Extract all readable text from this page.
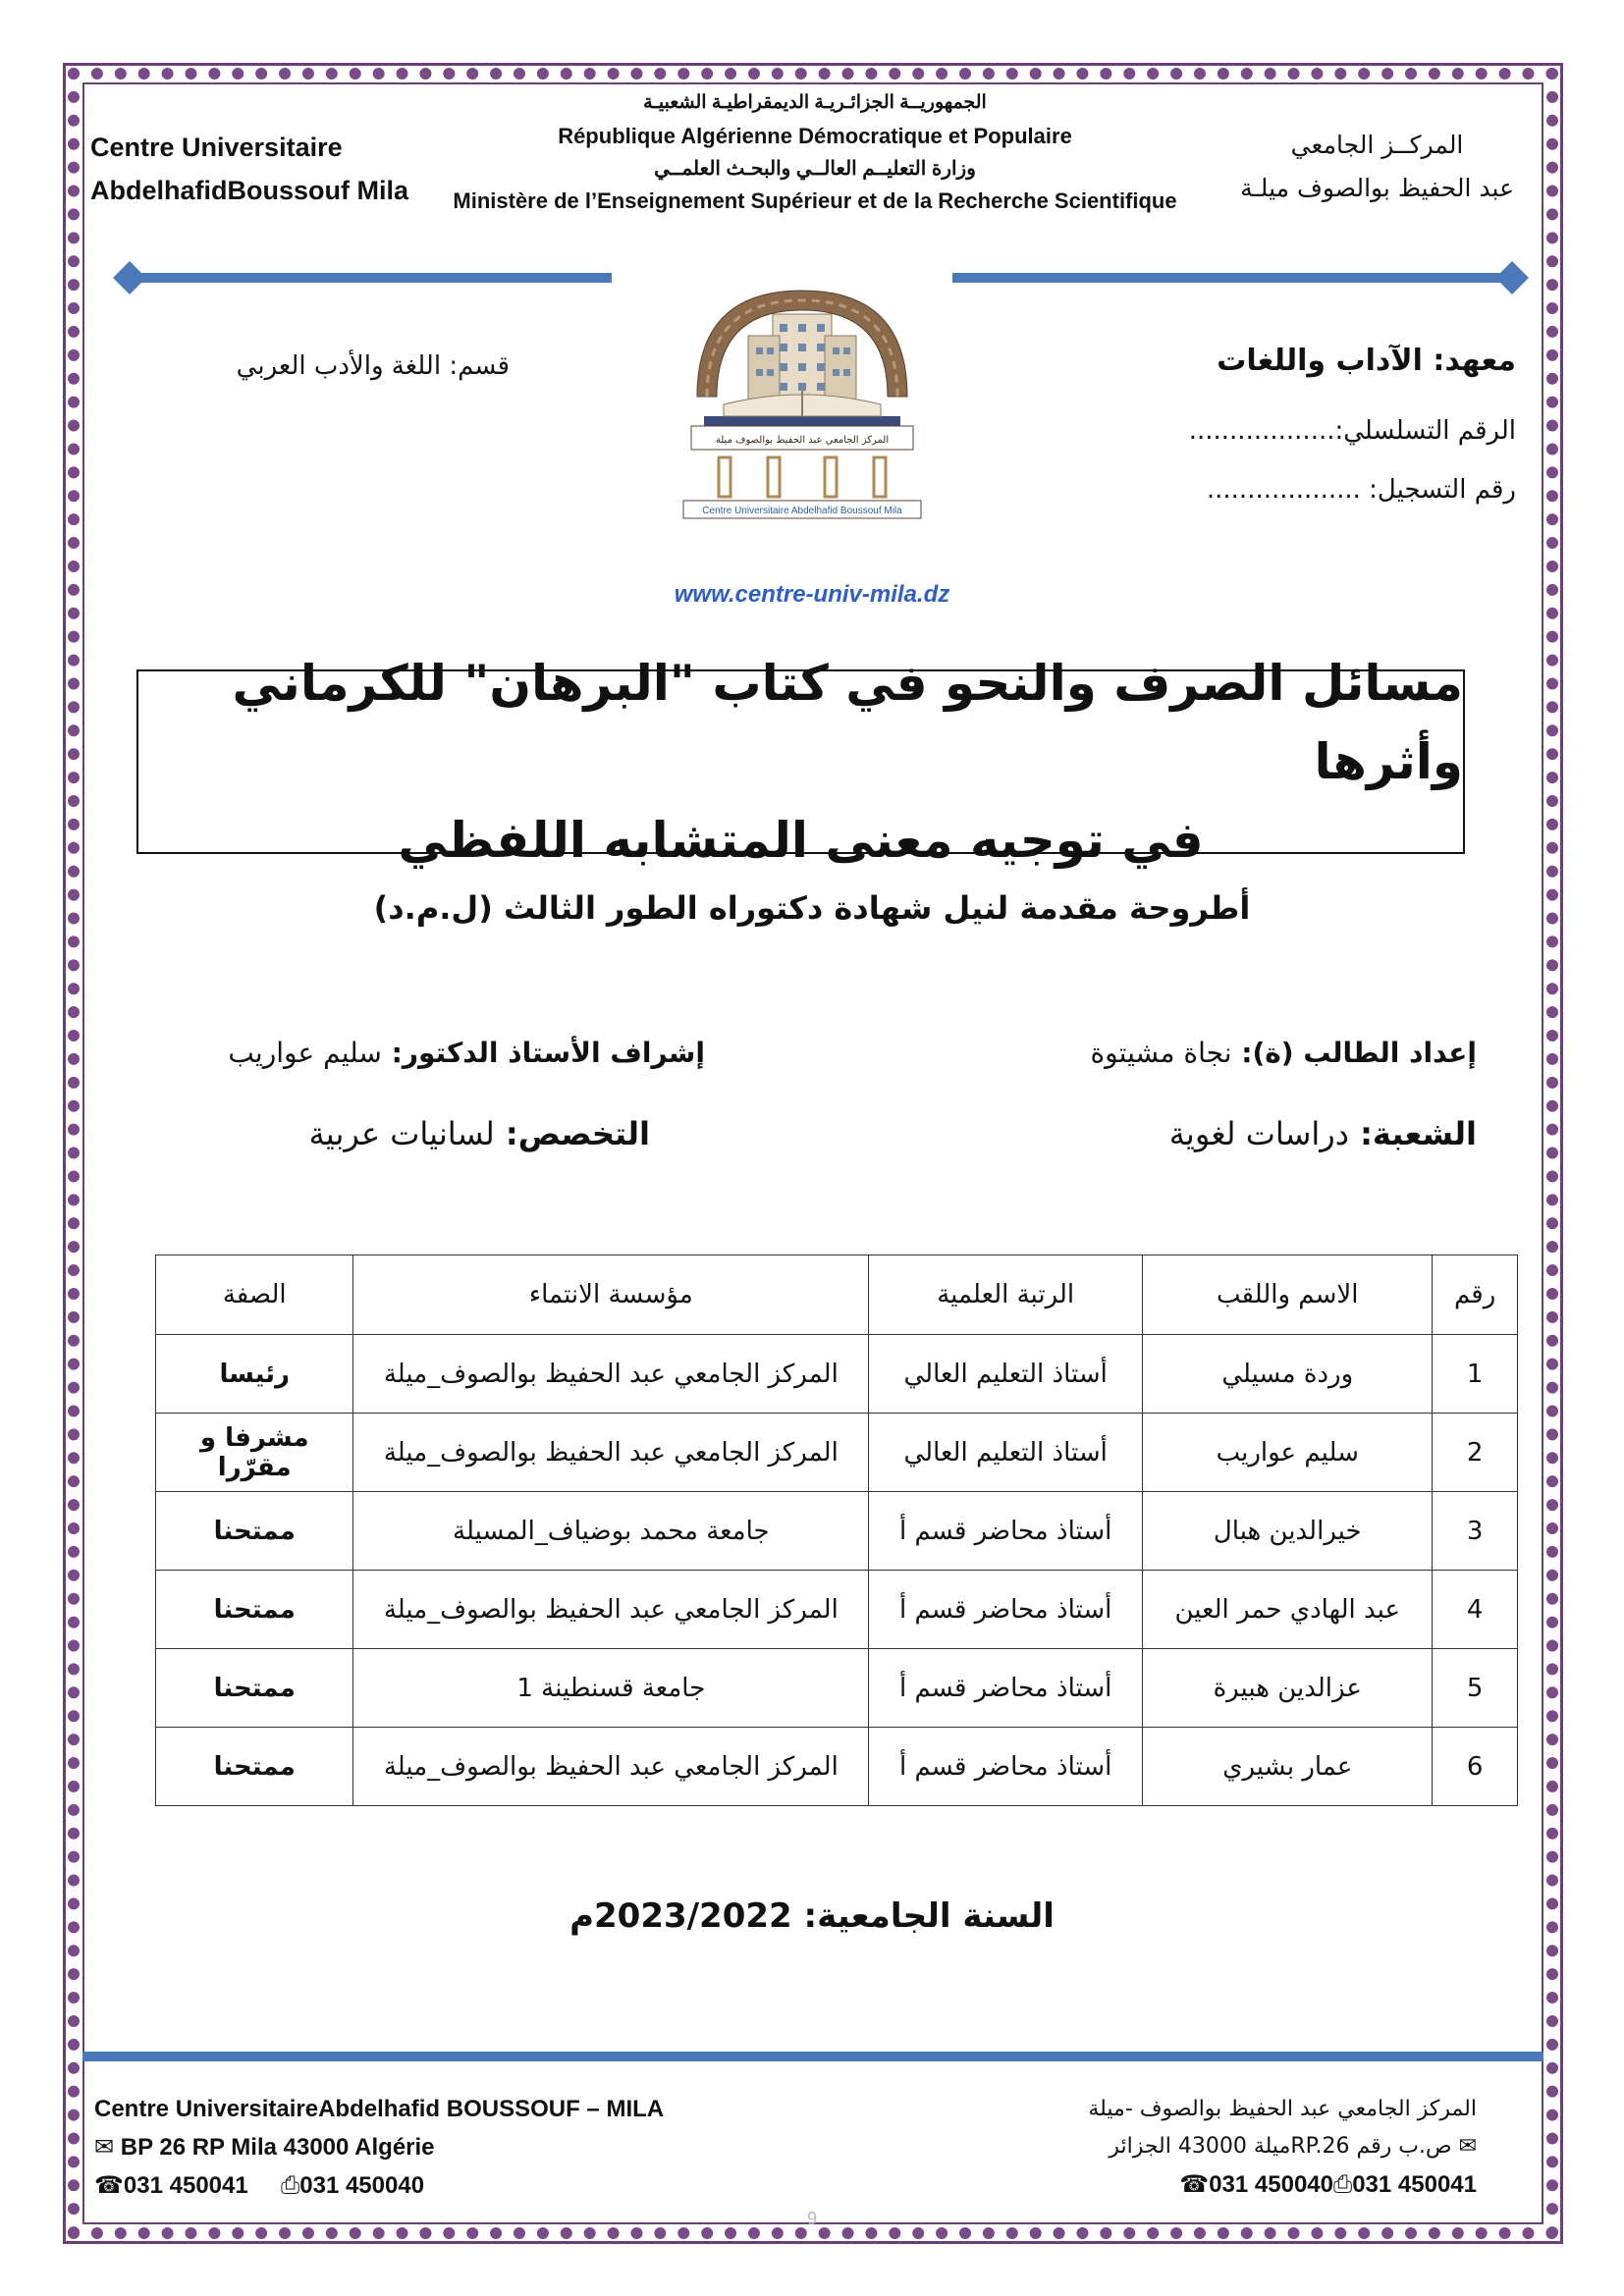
Centre Universitaire
AbdelhafidBoussouf Mila
الجمهوريــة الجزائـريـة الديمقراطيـة الشعبيـة
République Algérienne Démocratique et Populaire
وزارة التعليــم العالــي والبحـث العلمــي
Ministère de l’Enseignement Supérieur et de la Recherche Scientifique
المركــز الجامعي
عبد الحفيظ بوالصوف ميلـة
المركز الجامعي عبد الحفيظ بوالصوف ميلة
Centre Universitaire Abdelhafid Boussouf Mila
معهد: الآداب واللغات
قسم: اللغة والأدب العربي
الرقم التسلسلي:..................
رقم التسجيل: ...................
www.centre-univ-mila.dz
مسائل الصرف والنحو في كتاب "البرهان" للكرماني وأثرها
في توجيه معنى المتشابه اللفظي
أطروحة مقدمة لنيل شهادة دكتوراه الطور الثالث (ل.م.د)
إعداد الطالب (ة): نجاة مشيتوة
إشراف الأستاذ الدكتور: سليم عواريب
الشعبة: دراسات لغوية
التخصص: لسانيات عربية
رقم	الاسم واللقب	الرتبة العلمية	مؤسسة الانتماء	الصفة
1	وردة مسيلي	أستاذ التعليم العالي	المركز الجامعي عبد الحفيظ بوالصوف_ميلة	رئيسا
2	سليم عواريب	أستاذ التعليم العالي	المركز الجامعي عبد الحفيظ بوالصوف_ميلة	مشرفا و مقرّرا
3	خيرالدين هبال	أستاذ محاضر قسم أ	جامعة محمد بوضياف_المسيلة	ممتحنا
4	عبد الهادي حمر العين	أستاذ محاضر قسم أ	المركز الجامعي عبد الحفيظ بوالصوف_ميلة	ممتحنا
5	عزالدين هبيرة	أستاذ محاضر قسم أ	جامعة قسنطينة 1	ممتحنا
6	عمار بشيري	أستاذ محاضر قسم أ	المركز الجامعي عبد الحفيظ بوالصوف_ميلة	ممتحنا
السنة الجامعية: 2023/2022م
Centre UniversitaireAbdelhafid BOUSSOUF – MILA
✉ BP 26 RP Mila 43000 Algérie
☎031 450041 ⎙031 450040
المركز الجامعي عبد الحفيظ بوالصوف -ميلة
✉ ص.ب رقم RP.26ميلة 43000 الجزائر
☎031 450040⎙031 450041
9
